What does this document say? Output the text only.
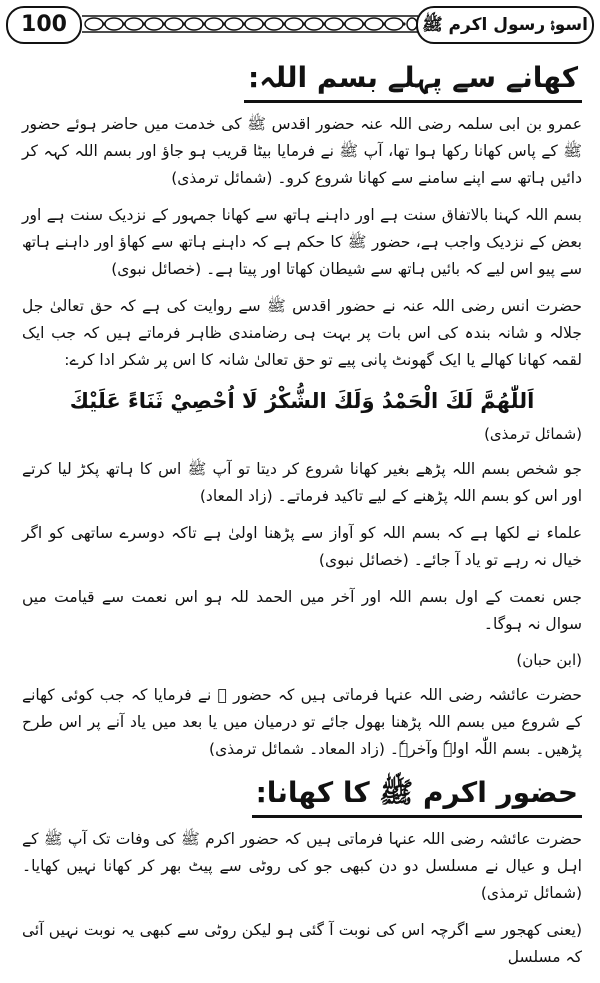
100	اسوۂ رسول اکرم ﷺ
کھانے سے پہلے بسم اللہ:

عمرو بن ابی سلمہ رضی اللہ عنہ حضور اقدس ﷺ کی خدمت میں حاضر ہوئے حضور ﷺ کے پاس کھانا رکھا ہوا تھا، آپ ﷺ نے فرمایا بیٹا قریب ہو جاؤ اور بسم اللہ کہہ کر دائیں ہاتھ سے اپنے سامنے سے کھانا شروع کرو۔ (شمائل ترمذی)

بسم اللہ کہنا بالاتفاق سنت ہے اور داہنے ہاتھ سے کھانا جمہور کے نزدیک سنت ہے اور بعض کے نزدیک واجب ہے، حضور ﷺ کا حکم ہے کہ داہنے ہاتھ سے کھاؤ اور داہنے ہاتھ سے پیو اس لیے کہ بائیں ہاتھ سے شیطان کھاتا اور پیتا ہے۔ (خصائل نبوی)

حضرت انس رضی اللہ عنہ نے حضور اقدس ﷺ سے روایت کی ہے کہ حق تعالیٰ جل جلالہ و شانہ بندہ کی اس بات پر بہت ہی رضامندی ظاہر فرماتے ہیں کہ جب ایک لقمہ کھانا کھالے یا ایک گھونٹ پانی پیے تو حق تعالیٰ شانہ کا اس پر شکر ادا کرے:

اَللّٰهُمَّ لَكَ الْحَمْدُ وَلَكَ الشُّكْرُ لَا اُحْصِيْ ثَنَاءً عَلَيْكَ
(شمائل ترمذی)

جو شخص بسم اللہ پڑھے بغیر کھانا شروع کر دیتا تو آپ ﷺ اس کا ہاتھ پکڑ لیا کرتے اور اس کو بسم اللہ پڑھنے کے لیے تاکید فرماتے۔ (زاد المعاد)

علماء نے لکھا ہے کہ بسم اللہ کو آواز سے پڑھنا اولیٰ ہے تاکہ دوسرے ساتھی کو اگر خیال نہ رہے تو یاد آ جائے۔ (خصائل نبوی)

جس نعمت کے اول بسم اللہ اور آخر میں الحمد للہ ہو اس نعمت سے قیامت میں سوال نہ ہوگا۔

(ابن حبان)

حضرت عائشہ رضی اللہ عنہا فرماتی ہیں کہ حضور ﷺ نے فرمایا کہ جب کوئی کھانے کے شروع میں بسم اللہ پڑھنا بھول جائے تو درمیان میں یا بعد میں یاد آنے پر اس طرح پڑھیں۔ بسم اللّٰہ اولہٗ وآخرہٗ۔ (زاد المعاد۔ شمائل ترمذی)

حضور اکرم ﷺ کا کھانا:

حضرت عائشہ رضی اللہ عنہا فرماتی ہیں کہ حضور اکرم ﷺ کی وفات تک آپ ﷺ کے اہل و عیال نے مسلسل دو دن کبھی جو کی روٹی سے پیٹ بھر کر کھانا نہیں کھایا۔ (شمائل ترمذی)

(یعنی کھجور سے اگرچہ اس کی نوبت آ گئی ہو لیکن روٹی سے کبھی یہ نوبت نہیں آئی کہ مسلسل
